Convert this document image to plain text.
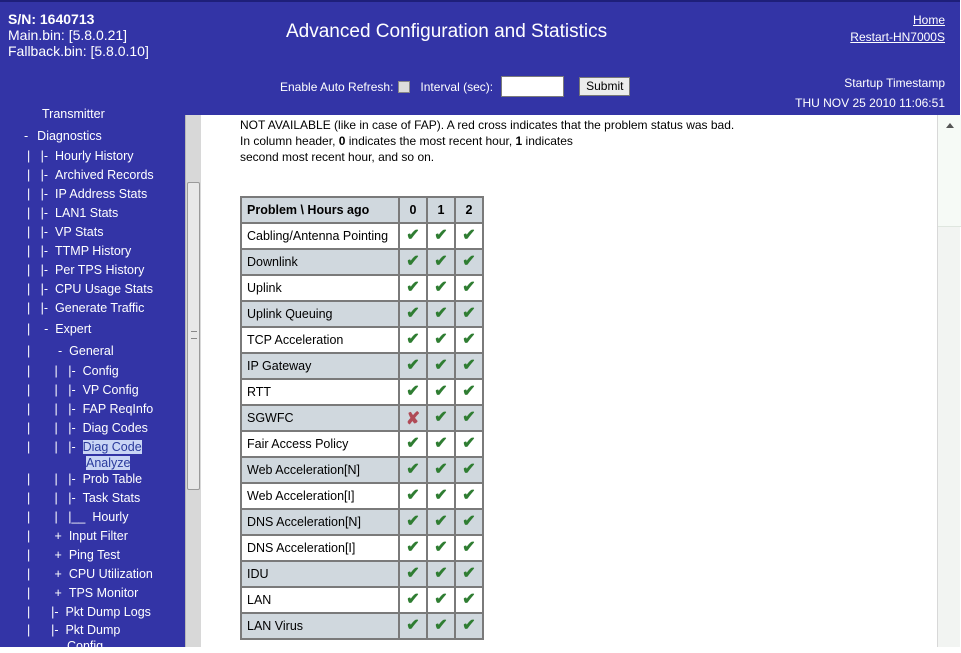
S/N: 1640713
Main.bin: [5.8.0.21]
Fallback.bin: [5.8.0.10]
Advanced Configuration and Statistics
Home
Restart-HN7000S
Enable Auto Refresh: Interval (sec):	Submit	Startup Timestamp
THU NOV 25 2010 11:06:51
Transmitter
- Diagnostics
|   |-  Hourly History
|   |-  Archived Records
|   |-  IP Address Stats
|   |-  LAN1 Stats
|   |-  VP Stats
|   |-  TTMP History
|   |-  Per TPS History
|   |-  CPU Usage Stats
|   |-  Generate Traffic
|    -  Expert
|        -  General
|       |   |-  Config
|       |   |-  VP Config
|       |   |-  FAP ReqInfo
|       |   |-  Diag Codes
|       |   |-  Diag Code
Analyze
|       |   |-  Prob Table
|       |   |-  Task Stats
|       |   |__  Hourly
|       +  Input Filter
|       +  Ping Test
|       +  CPU Utilization
|       +  TPS Monitor
|      |-  Pkt Dump Logs
|      |-  Pkt Dump
Config
NOT AVAILABLE (like in case of FAP). A red cross indicates that the problem status was bad.
In column header, 0 indicates the most recent hour, 1 indicates
second most recent hour, and so on.
Problem \ Hours ago	0	1	2
Cabling/Antenna Pointing	✔	✔	✔
Downlink	✔	✔	✔
Uplink	✔	✔	✔
Uplink Queuing	✔	✔	✔
TCP Acceleration	✔	✔	✔
IP Gateway	✔	✔	✔
RTT	✔	✔	✔
SGWFC	✘	✔	✔
Fair Access Policy	✔	✔	✔
Web Acceleration[N]	✔	✔	✔
Web Acceleration[I]	✔	✔	✔
DNS Acceleration[N]	✔	✔	✔
DNS Acceleration[I]	✔	✔	✔
IDU	✔	✔	✔
LAN	✔	✔	✔
LAN Virus	✔	✔	✔
